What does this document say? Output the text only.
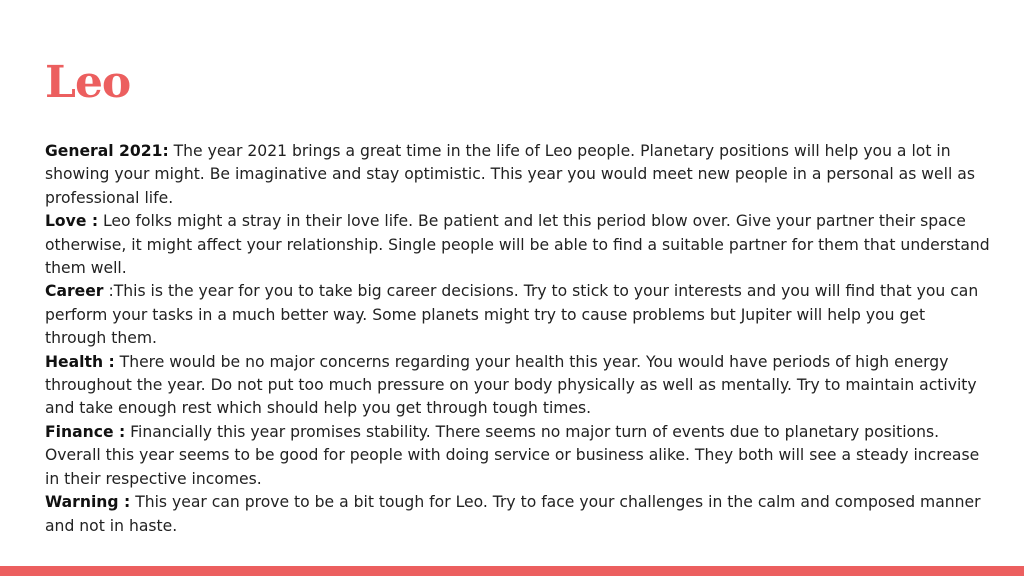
Leo

General 2021: The year 2021 brings a great time in the life of Leo people. Planetary positions will help you a lot in showing your might. Be imaginative and stay optimistic. This year you would meet new people in a personal as well as professional life.

Love : Leo folks might a stray in their love life. Be patient and let this period blow over. Give your partner their space otherwise, it might affect your relationship. Single people will be able to find a suitable partner for them that understand them well.

Career :This is the year for you to take big career decisions. Try to stick to your interests and you will find that you can perform your tasks in a much better way. Some planets might try to cause problems but Jupiter will help you get through them.

Health : There would be no major concerns regarding your health this year. You would have periods of high energy throughout the year. Do not put too much pressure on your body physically as well as mentally. Try to maintain activity and take enough rest which should help you get through tough times.

Finance : Financially this year promises stability. There seems no major turn of events due to planetary positions. Overall this year seems to be good for people with doing service or business alike. They both will see a steady increase in their respective incomes.

Warning : This year can prove to be a bit tough for Leo. Try to face your challenges in the calm and composed manner and not in haste.
